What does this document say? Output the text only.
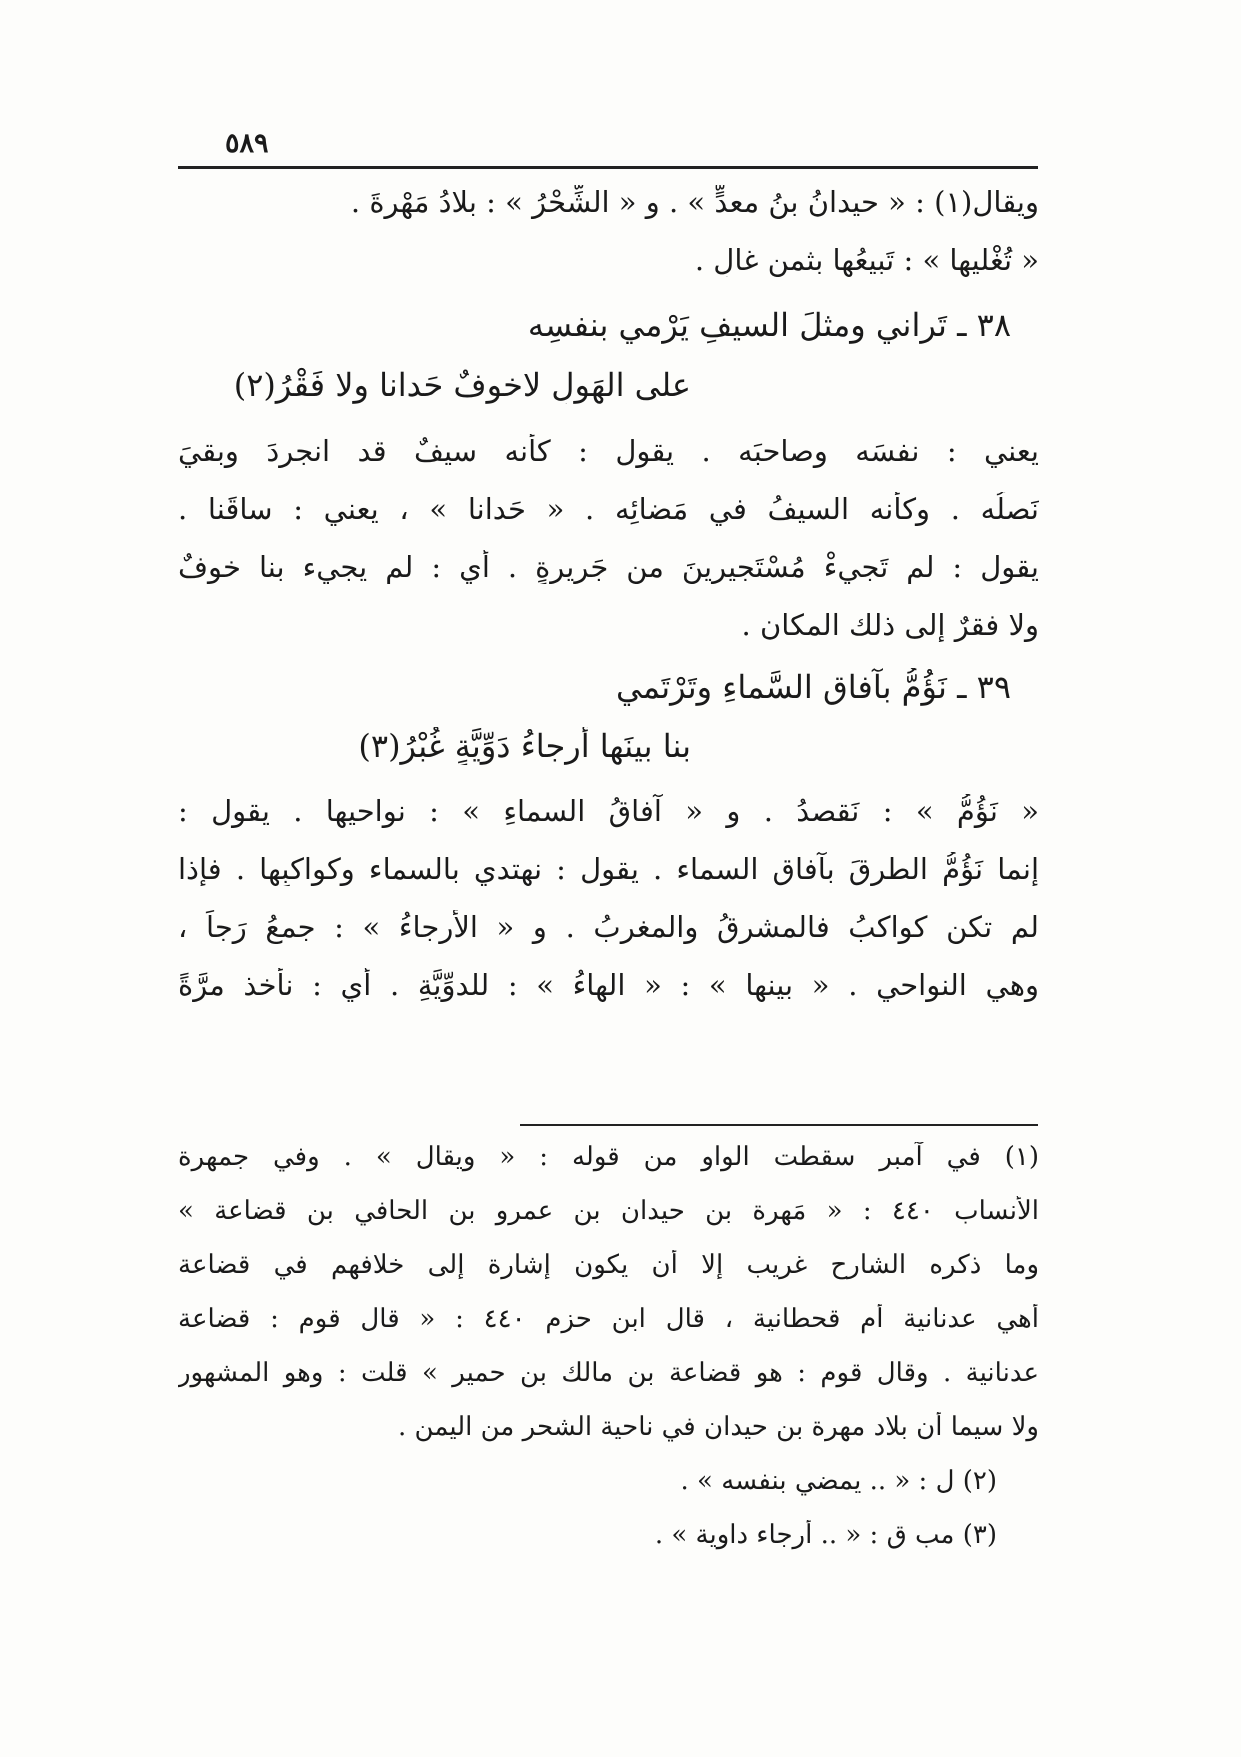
٥٨٩
ويقال(١) : « حيدانُ بنُ معدٍّ » . و « الشِّحْرُ » : بلادُ مَهْرةَ .
« تُغْليها » : تَبيعُها بثمنٍ غالٍ .
٣٨ ـ تَراني ومثلَ السيفِ يَرْمي بنفسِه
على الهَولِ لاخوفٌ حَدانا ولا فَقْرُ(٢)
يعني : نفسَه وصاحبَه . يقول : كأنه سيفٌ قد انجردَ وبقيَ
نَصلُه . وكأنه السيفُ في مَضائِه . « حَدانا » ، يعني : ساقَنا .
يقول : لم تَجيءْ مُسْتَجيرينَ من جَريرةٍ . أي : لم يجيء بنا خوفٌ
ولا فقرٌ إلى ذلك المكانِ .
٣٩ ـ نَؤُمُّ بآفاقِ السَّماءِ وتَرْتَمي
بنا بينَها أرجاءُ دَوِّيَّةٍ غُبْرُ(٣)
« نَؤُمُّ » : نَقصدُ . و « آفاقُ السماءِ » : نواحيها . يقول :
إنما نَؤُمُّ الطرقَ بآفاق السماء . يقول : نهتدي بالسماء وكواكبِها . فإذا
لم تكن كواكبُ فالمشرقُ والمغربُ . و « الأرجاءُ » : جمعُ رَجاً ،
وهي النواحي . « بينها » : « الهاءُ » : للدوِّيَّةِ . أي : نأخذ مرَّةً
(١) في آمبر سقطت الواو من قوله : « ويقال » . وفي جمهرة
الأنساب ٤٤٠ : « مَهرة بن حيدان بن عمرو بن الحافي بن قضاعة »
وما ذكره الشارح غريب إلا أن يكون إشارة إلى خلافهم في قضاعة
أهي عدنانية أم قحطانية ، قال ابن حزم ٤٤٠ : « قال قوم : قضاعة
عدنانية . وقال قوم : هو قضاعة بن مالك بن حمير » قلت : وهو المشهور
ولا سيما أن بلاد مهرة بن حيدان في ناحية الشحر من اليمن .
(٢) ل : « .. يمضي بنفسه » .
(٣) مب ق : « .. أرجاء داوية » .
